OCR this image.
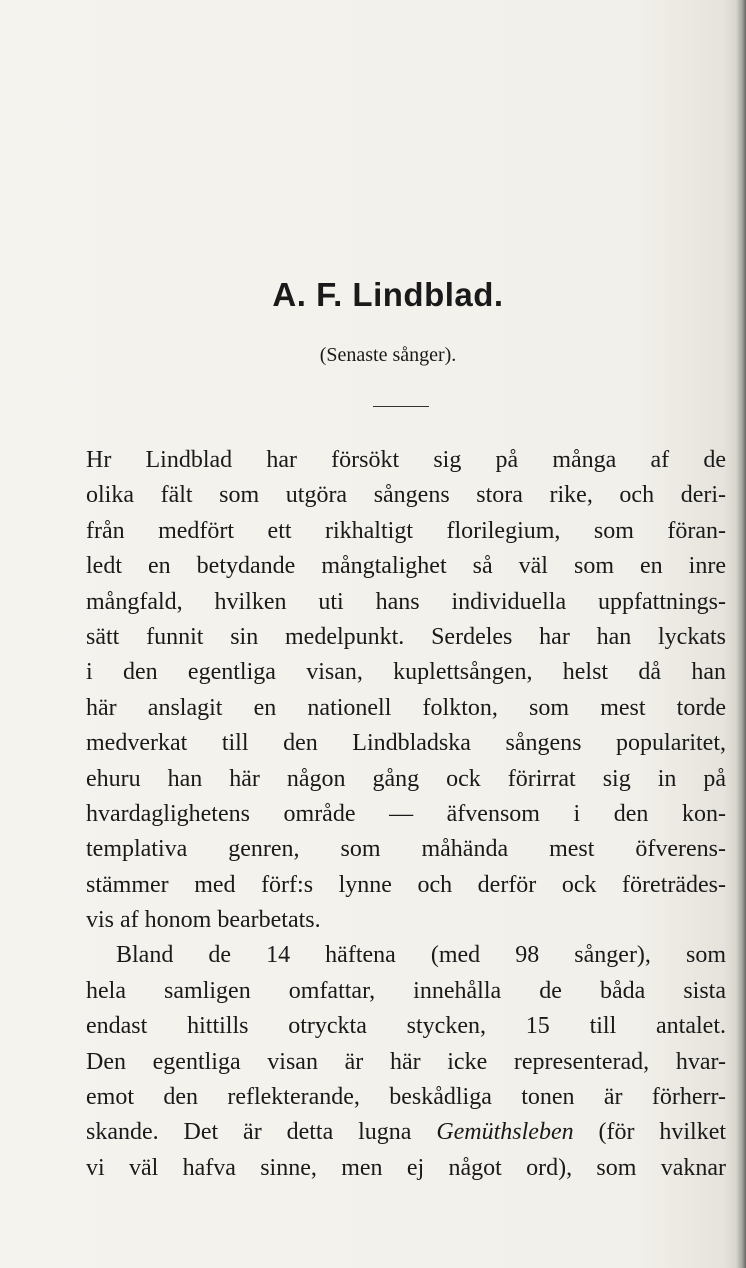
A. F. Lindblad.

(Senaste sånger).

Hr Lindblad har försökt sig på många af de
olika fält som utgöra sångens stora rike, och deri-
från medfört ett rikhaltigt florilegium, som föran-
ledt en betydande mångtalighet så väl som en inre
mångfald, hvilken uti hans individuella uppfattnings-
sätt funnit sin medelpunkt. Serdeles har han lyckats
i den egentliga visan, kuplettsången, helst då han
här anslagit en nationell folkton, som mest torde
medverkat till den Lindbladska sångens popularitet,
ehuru han här någon gång ock förirrat sig in på
hvardaglighetens område — äfvensom i den kon-
templativa genren, som måhända mest öfverens-
stämmer med förf:s lynne och derför ock företrädes-
vis af honom bearbetats.
Bland de 14 häftena (med 98 sånger), som
hela samligen omfattar, innehålla de båda sista
endast hittills otryckta stycken, 15 till antalet.
Den egentliga visan är här icke representerad, hvar-
emot den reflekterande, beskådliga tonen är förherr-
skande. Det är detta lugna Gemüthsleben (för hvilket
vi väl hafva sinne, men ej något ord), som vaknar
